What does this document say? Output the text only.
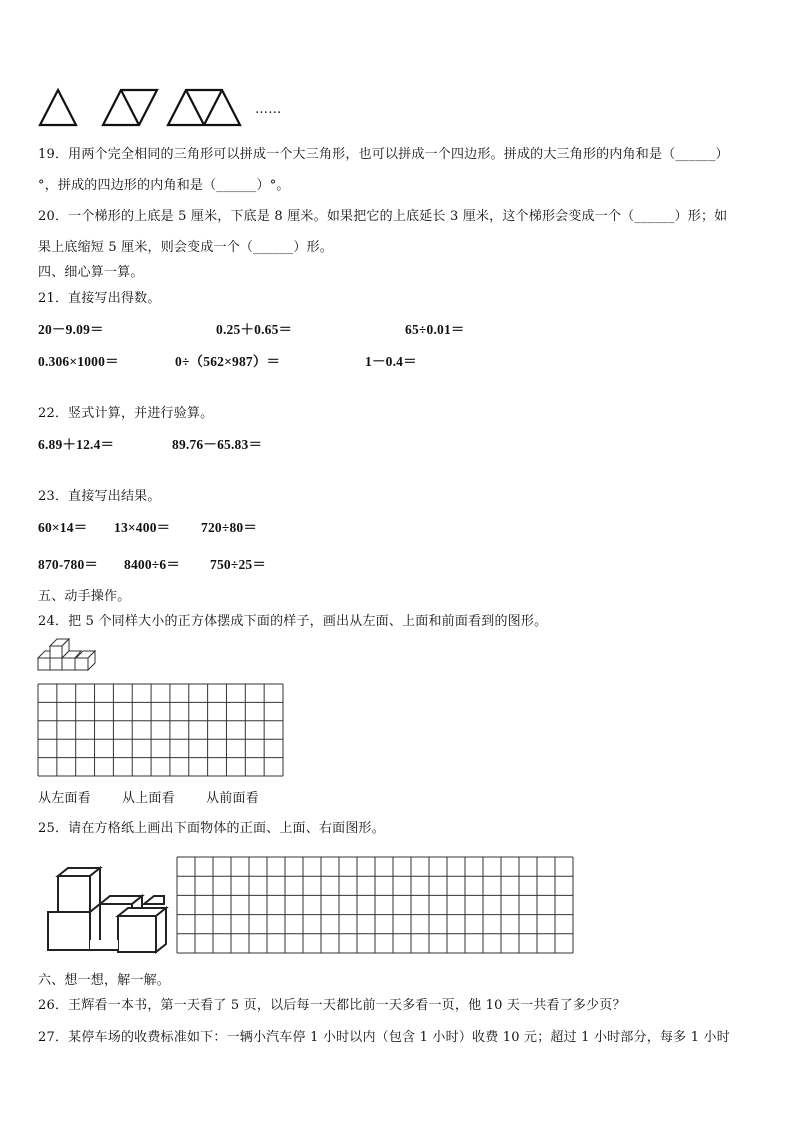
……
19．用两个完全相同的三角形可以拼成一个大三角形，也可以拼成一个四边形。拼成的大三角形的内角和是（______）
°，拼成的四边形的内角和是（______）°。
20．一个梯形的上底是 5 厘米，下底是 8 厘米。如果把它的上底延长 3 厘米，这个梯形会变成一个（______）形；如
果上底缩短 5 厘米，则会变成一个（______）形。
四、细心算一算。
21．直接写出得数。
20－9.09＝	0.25＋0.65＝	65÷0.01＝
0.306×1000＝	0÷（562×987）＝	1－0.4＝
22．竖式计算，并进行验算。
6.89＋12.4＝	89.76－65.83＝
23．直接写出结果。
60×14＝ 13×400＝ 720÷80＝
870-780＝ 8400÷6＝ 750÷25＝
五、动手操作。
24．把 5 个同样大小的正方体摆成下面的样子，画出从左面、上面和前面看到的图形。
从左面看 从上面看 从前面看
25．请在方格纸上画出下面物体的正面、上面、右面图形。
六、想一想，解一解。
26．王辉看一本书，第一天看了 5 页，以后每一天都比前一天多看一页，他 10 天一共看了多少页？
27．某停车场的收费标准如下：一辆小汽车停 1 小时以内（包含 1 小时）收费 10 元；超过 1 小时部分，每多 1 小时
